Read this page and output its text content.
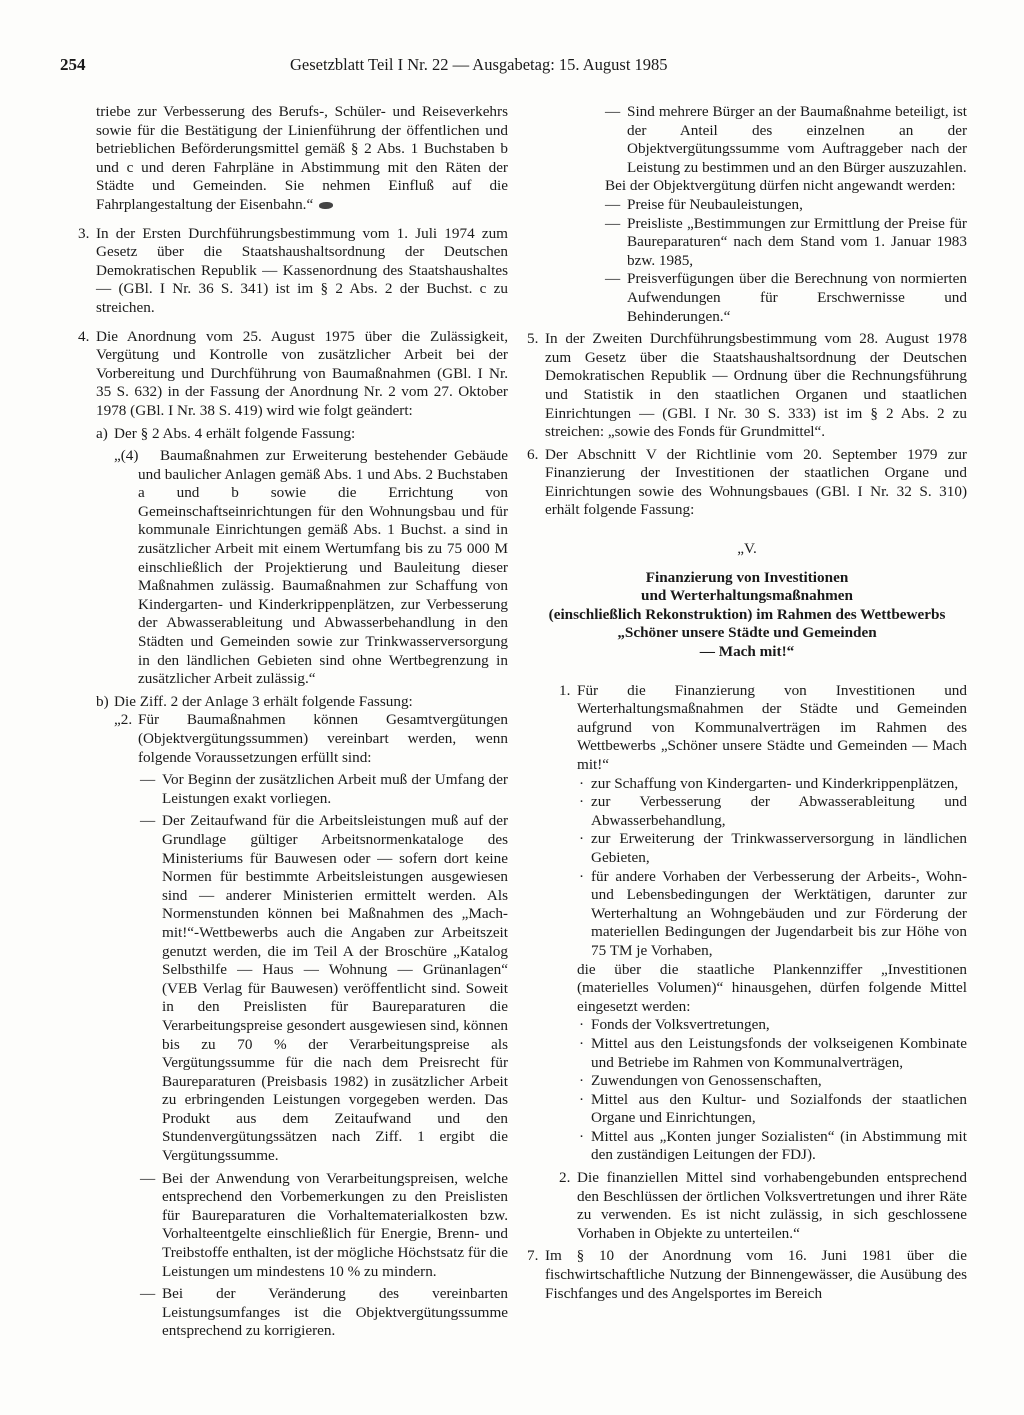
254	Gesetzblatt Teil I Nr. 22 — Ausgabetag: 15. August 1985

triebe zur Verbesserung des Berufs-, Schüler- und Reiseverkehrs sowie für die Bestätigung der Linienführung der öffentlichen und betrieblichen Beförderungsmittel gemäß § 2 Abs. 1 Buchstaben b und c und deren Fahrpläne in Abstimmung mit den Räten der Städte und Gemeinden. Sie nehmen Einfluß auf die Fahrplangestaltung der Eisenbahn.“

3. In der Ersten Durchführungsbestimmung vom 1. Juli 1974 zum Gesetz über die Staatshaushaltsordnung der Deutschen Demokratischen Republik — Kassenordnung des Staatshaushaltes — (GBl. I Nr. 36 S. 341) ist im § 2 Abs. 2 der Buchst. c zu streichen.

4. Die Anordnung vom 25. August 1975 über die Zulässigkeit, Vergütung und Kontrolle von zusätzlicher Arbeit bei der Vorbereitung und Durchführung von Baumaßnahmen (GBl. I Nr. 35 S. 632) in der Fassung der Anordnung Nr. 2 vom 27. Oktober 1978 (GBl. I Nr. 38 S. 419) wird wie folgt geändert:

a) Der § 2 Abs. 4 erhält folgende Fassung:

„(4)	Baumaßnahmen zur Erweiterung bestehender Gebäude und baulicher Anlagen gemäß Abs. 1 und Abs. 2 Buchstaben a und b sowie die Errichtung von Gemeinschaftseinrichtungen für den Wohnungsbau und für kommunale Einrichtungen gemäß Abs. 1 Buchst. a sind in zusätzlicher Arbeit mit einem Wertumfang bis zu 75 000 M einschließlich der Projektierung und Bauleitung dieser Maßnahmen zulässig. Baumaßnahmen zur Schaffung von Kindergarten- und Kinderkrippenplätzen, zur Verbesserung der Abwasserableitung und Abwasserbehandlung in den Städten und Gemeinden sowie zur Trinkwasserversorgung in den ländlichen Gebieten sind ohne Wertbegrenzung in zusätzlicher Arbeit zulässig.“

b) Die Ziff. 2 der Anlage 3 erhält folgende Fassung:

„2. Für Baumaßnahmen können Gesamtvergütungen (Objektvergütungssummen) vereinbart werden, wenn folgende Voraussetzungen erfüllt sind:

— Vor Beginn der zusätzlichen Arbeit muß der Umfang der Leistungen exakt vorliegen.

— Der Zeitaufwand für die Arbeitsleistungen muß auf der Grundlage gültiger Arbeitsnormenkataloge des Ministeriums für Bauwesen oder — sofern dort keine Normen für bestimmte Arbeitsleistungen ausgewiesen sind — anderer Ministerien ermittelt werden. Als Normenstunden können bei Maßnahmen des „Mach-mit!“-Wettbewerbs auch die Angaben zur Arbeitszeit genutzt werden, die im Teil A der Broschüre „Katalog Selbsthilfe — Haus — Wohnung — Grünanlagen“ (VEB Verlag für Bauwesen) veröffentlicht sind. Soweit in den Preislisten für Baureparaturen die Verarbeitungspreise gesondert ausgewiesen sind, können bis zu 70 % der Verarbeitungspreise als Vergütungssumme für die nach dem Preisrecht für Baureparaturen (Preisbasis 1982) in zusätzlicher Arbeit zu erbringenden Leistungen vorgegeben werden. Das Produkt aus dem Zeitaufwand und den Stundenvergütungssätzen nach Ziff. 1 ergibt die Vergütungssumme.

— Bei der Anwendung von Verarbeitungspreisen, welche entsprechend den Vorbemerkungen zu den Preislisten für Baureparaturen die Vorhaltematerialkosten bzw. Vorhalteentgelte einschließlich für Energie, Brenn- und Treibstoffe enthalten, ist der mögliche Höchstsatz für die Leistungen um mindestens 10 % zu mindern.

— Bei der Veränderung des vereinbarten Leistungsumfanges ist die Objektvergütungssumme entsprechend zu korrigieren.

— Sind mehrere Bürger an der Baumaßnahme beteiligt, ist der Anteil des einzelnen an der Objektvergütungssumme vom Auftraggeber nach der Leistung zu bestimmen und an den Bürger auszuzahlen.

Bei der Objektvergütung dürfen nicht angewandt werden:

— Preise für Neubauleistungen,

— Preisliste „Bestimmungen zur Ermittlung der Preise für Baureparaturen“ nach dem Stand vom 1. Januar 1983 bzw. 1985,

— Preisverfügungen über die Berechnung von normierten Aufwendungen für Erschwernisse und Behinderungen.“

5. In der Zweiten Durchführungsbestimmung vom 28. August 1978 zum Gesetz über die Staatshaushaltsordnung der Deutschen Demokratischen Republik — Ordnung über die Rechnungsführung und Statistik in den staatlichen Organen und staatlichen Einrichtungen — (GBl. I Nr. 30 S. 333) ist im § 2 Abs. 2 zu streichen: „sowie des Fonds für Grundmittel“.

6. Der Abschnitt V der Richtlinie vom 20. September 1979 zur Finanzierung der Investitionen der staatlichen Organe und Einrichtungen sowie des Wohnungsbaues (GBl. I Nr. 32 S. 310) erhält folgende Fassung:

„V.

Finanzierung von Investitionen
und Werterhaltungsmaßnahmen
(einschließlich Rekonstruktion) im Rahmen des Wettbewerbs
„Schöner unsere Städte und Gemeinden
— Mach mit!“
1. Für die Finanzierung von Investitionen und Werterhaltungsmaßnahmen der Städte und Gemeinden aufgrund von Kommunalverträgen im Rahmen des Wettbewerbs „Schöner unsere Städte und Gemeinden — Mach mit!“

· zur Schaffung von Kindergarten- und Kinderkrippenplätzen,

· zur Verbesserung der Abwasserableitung und Abwasserbehandlung,

· zur Erweiterung der Trinkwasserversorgung in ländlichen Gebieten,

· für andere Vorhaben der Verbesserung der Arbeits-, Wohn- und Lebensbedingungen der Werktätigen, darunter zur Werterhaltung an Wohngebäuden und zur Förderung der materiellen Bedingungen der Jugendarbeit bis zur Höhe von 75 TM je Vorhaben,

die über die staatliche Plankennziffer „Investitionen (materielles Volumen)“ hinausgehen, dürfen folgende Mittel eingesetzt werden:

· Fonds der Volksvertretungen,

· Mittel aus den Leistungsfonds der volkseigenen Kombinate und Betriebe im Rahmen von Kommunalverträgen,

· Zuwendungen von Genossenschaften,

· Mittel aus den Kultur- und Sozialfonds der staatlichen Organe und Einrichtungen,

· Mittel aus „Konten junger Sozialisten“ (in Abstimmung mit den zuständigen Leitungen der FDJ).

2. Die finanziellen Mittel sind vorhabengebunden entsprechend den Beschlüssen der örtlichen Volksvertretungen und ihrer Räte zu verwenden. Es ist nicht zulässig, in sich geschlossene Vorhaben in Objekte zu unterteilen.“

7. Im § 10 der Anordnung vom 16. Juni 1981 über die fischwirtschaftliche Nutzung der Binnengewässer, die Ausübung des Fischfanges und des Angelsportes im Bereich
